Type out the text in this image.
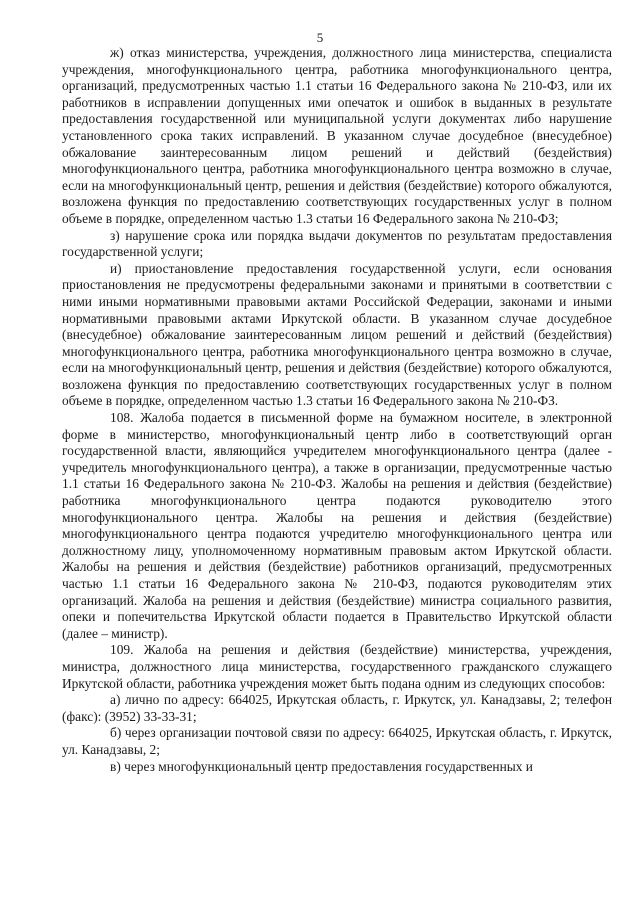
5

ж) отказ министерства, учреждения, должностного лица министерства, специалиста учреждения, многофункционального центра, работника многофункционального центра, организаций, предусмотренных частью 1.1 статьи 16 Федерального закона № 210-ФЗ, или их работников в исправлении допущенных ими опечаток и ошибок в выданных в результате предоставления государственной или муниципальной услуги документах либо нарушение установленного срока таких исправлений. В указанном случае досудебное (внесудебное) обжалование заинтересованным лицом решений и действий (бездействия) многофункционального центра, работника многофункционального центра возможно в случае, если на многофункциональный центр, решения и действия (бездействие) которого обжалуются, возложена функция по предоставлению соответствующих государственных услуг в полном объеме в порядке, определенном частью 1.3 статьи 16 Федерального закона № 210-ФЗ;

з) нарушение срока или порядка выдачи документов по результатам предоставления государственной услуги;

и) приостановление предоставления государственной услуги, если основания приостановления не предусмотрены федеральными законами и принятыми в соответствии с ними иными нормативными правовыми актами Российской Федерации, законами и иными нормативными правовыми актами Иркутской области. В указанном случае досудебное (внесудебное) обжалование заинтересованным лицом решений и действий (бездействия) многофункционального центра, работника многофункционального центра возможно в случае, если на многофункциональный центр, решения и действия (бездействие) которого обжалуются, возложена функция по предоставлению соответствующих государственных услуг в полном объеме в порядке, определенном частью 1.3 статьи 16 Федерального закона № 210-ФЗ.

108. Жалоба подается в письменной форме на бумажном носителе, в электронной форме в министерство, многофункциональный центр либо в соответствующий орган государственной власти, являющийся учредителем многофункционального центра (далее - учредитель многофункционального центра), а также в организации, предусмотренные частью 1.1 статьи 16 Федерального закона № 210-ФЗ. Жалобы на решения и действия (бездействие) работника многофункционального центра подаются руководителю этого многофункционального центра. Жалобы на решения и действия (бездействие) многофункционального центра подаются учредителю многофункционального центра или должностному лицу, уполномоченному нормативным правовым актом Иркутской области. Жалобы на решения и действия (бездействие) работников организаций, предусмотренных частью 1.1 статьи 16 Федерального закона № 210-ФЗ, подаются руководителям этих организаций. Жалоба на решения и действия (бездействие) министра социального развития, опеки и попечительства Иркутской области подается в Правительство Иркутской области (далее – министр).

109. Жалоба на решения и действия (бездействие) министерства, учреждения, министра, должностного лица министерства, государственного гражданского служащего Иркутской области, работника учреждения может быть подана одним из следующих способов:

а) лично по адресу: 664025, Иркутская область, г. Иркутск, ул. Канадзавы, 2; телефон (факс): (3952) 33-33-31;

б) через организации почтовой связи по адресу: 664025, Иркутская область, г. Иркутск, ул. Канадзавы, 2;

в) через многофункциональный центр предоставления государственных и
